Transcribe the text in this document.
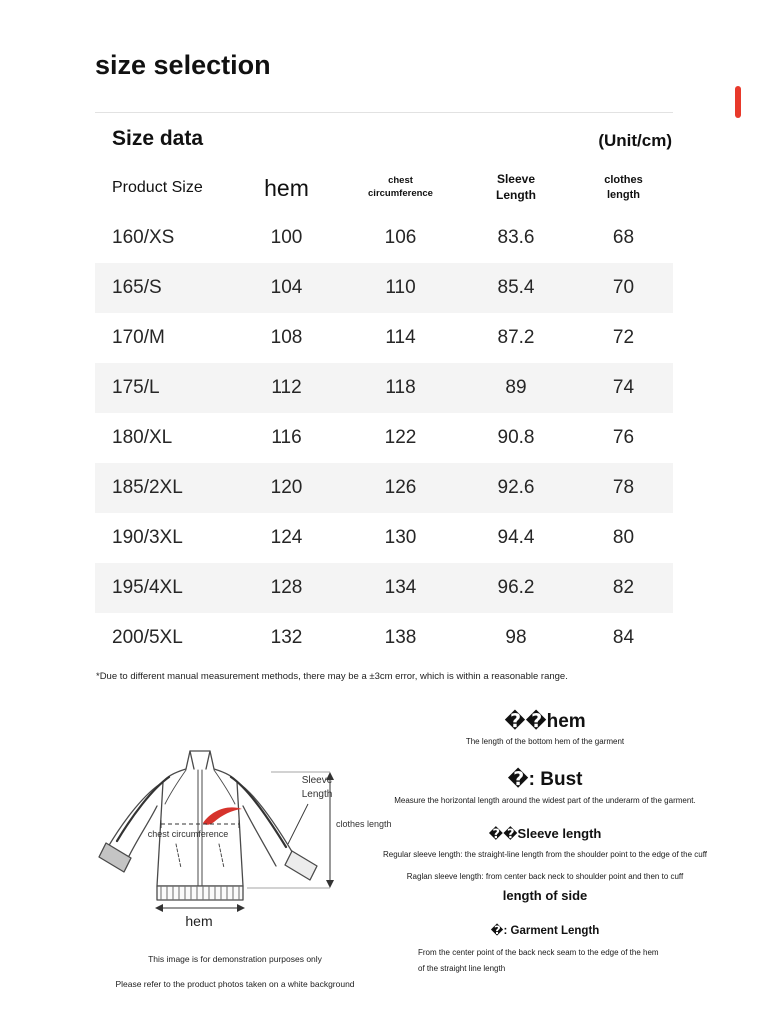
size selection
Size data	(Unit/cm)
Product Size	hem	chest circumference	Sleeve Length	clothes length
160/XS	100	106	83.6	68
165/S	104	110	85.4	70
170/M	108	114	87.2	72
175/L	112	118	89	74
180/XL	116	122	90.8	76
185/2XL	120	126	92.6	78
190/3XL	124	130	94.4	80
195/4XL	128	134	96.2	82
200/5XL	132	138	98	84

*Due to different manual measurement methods, there may be a ±3cm error, which is within a reasonable range.

Sleeve Length
clothes length
chest circumference
hem

This image is for demonstration purposes only

Please refer to the product photos taken on a white background

��hem

The length of the bottom hem of the garment

�: Bust

Measure the horizontal length around the widest part of the underarm of the garment.

��Sleeve length

Regular sleeve length: the straight-line length from the shoulder point to the edge of the cuff

Raglan sleeve length: from center back neck to shoulder point and then to cuff

length of side
�: Garment Length

From the center point of the back neck seam to the edge of the hem

of the straight line length
